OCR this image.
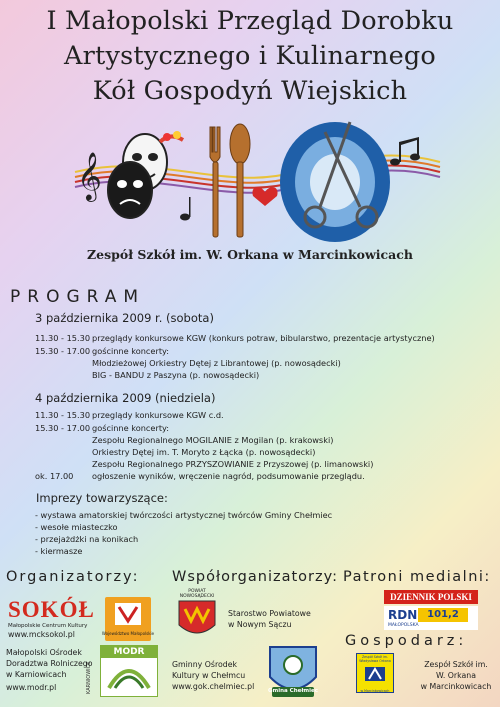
I Małopolski Przegląd Dorobku
Artystycznego i Kulinarnego
Kół Gospodyń Wiejskich
𝄞
Zespół Szkół im. W. Orkana w Marcinkowicach
PROGRAM
3 października 2009 r. (sobota)
11.30 - 15.30 przeglądy konkursowe KGW (konkurs potraw, bibularstwo, prezentacje artystyczne)
15.30 - 17.00 gościnne koncerty:
Młodzieżowej Orkiestry Dętej z Librantowej (p. nowosądecki)
BIG - BANDU z Paszyna (p. nowosądecki)
4 października 2009 (niedziela)
11.30 - 15.30 przeglądy konkursowe KGW c.d.
15.30 - 17.00 gościnne koncerty:
Zespołu Regionalnego MOGILANIE z Mogilan (p. krakowski)
Orkiestry Dętej im. T. Moryto z Łącka (p. nowosądecki)
Zespołu Regionalnego PRZYSZOWIANIE z Przyszowej (p. limanowski)
ok. 17.00 ogłoszenie wyników, wręczenie nagród, podsumowanie przeglądu.
Imprezy towarzyszące:
- wystawa amatorskiej twórczości artystycznej twórców Gminy Chełmiec
- wesołe miasteczko
- przejażdżki na konikach
- kiermasze
Organizatorzy: Współorganizatorzy: Patroni medialni:
Gospodarz:
SOKÓŁ
Małopolskie Centrum Kultury
www.mcksokol.pl	Województwo Małopolskie
MODR
KARNIOWICE
Małopolski Ośrodek
Doradztwa Rolniczego
w Karniowicach
www.modr.pl
POWIAT
NOWOSĄDECKI
Starostwo Powiatowe
w Nowym Sączu
Gminny Ośrodek
Kultury w Chełmcu
www.gok.chelmiec.pl	Gmina Chełmiec
DZIENNIK POLSKI
RDN 101,2
MAŁOPOLSKA
Zespół Szkół im. Władysława Orkana
w Marcinkowicach
Zespół Szkół im.
W. Orkana
w Marcinkowicach
